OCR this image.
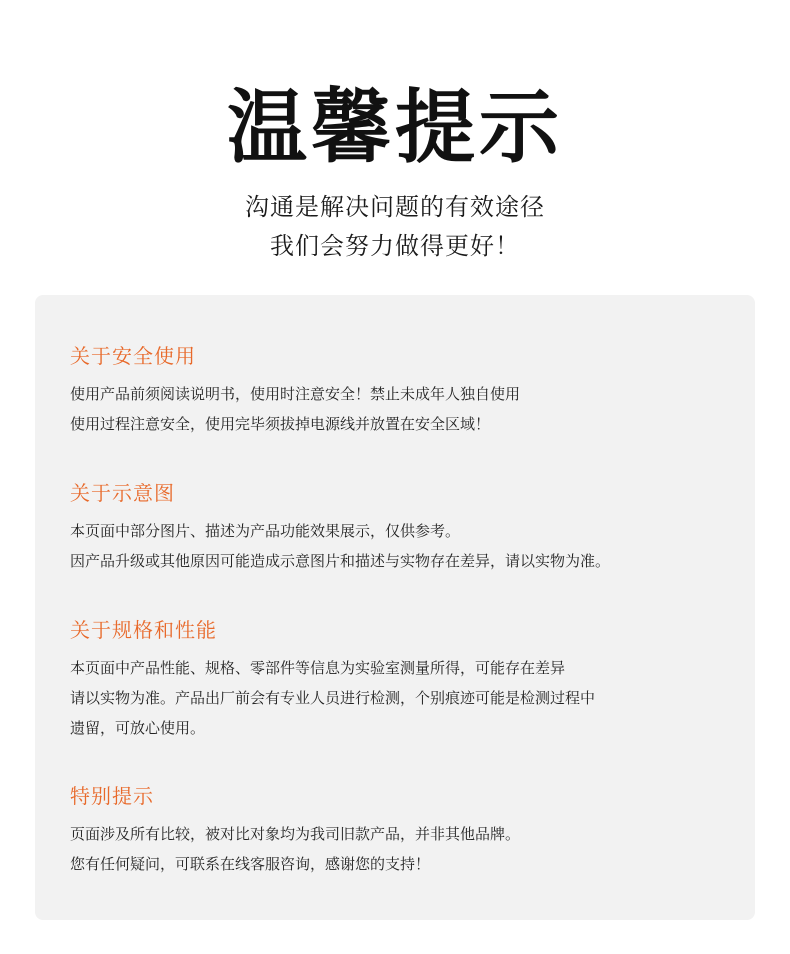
温馨提示

沟通是解决问题的有效途径

我们会努力做得更好！

关于安全使用

使用产品前须阅读说明书，使用时注意安全！禁止未成年人独自使用

使用过程注意安全，使用完毕须拔掉电源线并放置在安全区域！

关于示意图

本页面中部分图片、描述为产品功能效果展示，仅供参考。

因产品升级或其他原因可能造成示意图片和描述与实物存在差异，请以实物为准。

关于规格和性能

本页面中产品性能、规格、零部件等信息为实验室测量所得，可能存在差异

请以实物为准。产品出厂前会有专业人员进行检测，个别痕迹可能是检测过程中

遗留，可放心使用。

特别提示

页面涉及所有比较，被对比对象均为我司旧款产品，并非其他品牌。

您有任何疑问，可联系在线客服咨询，感谢您的支持！
